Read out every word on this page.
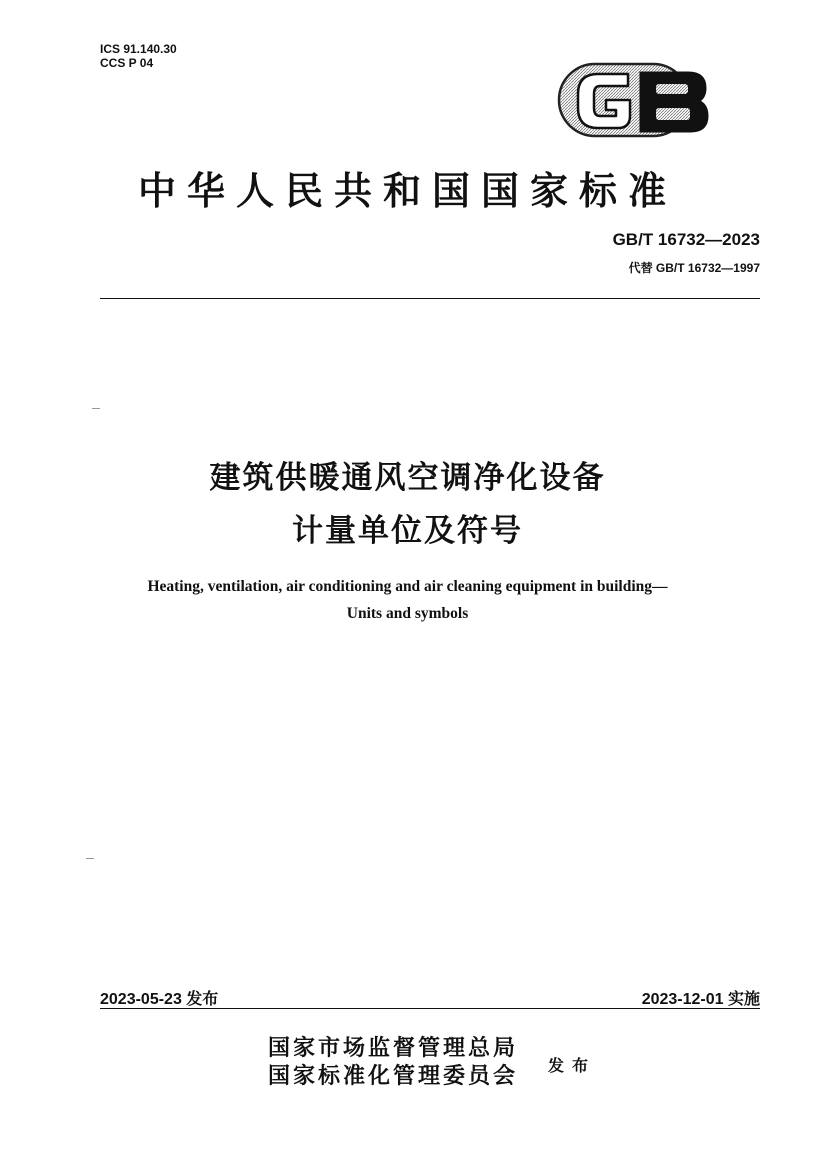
ICS 91.140.30
CCS P 04
中华人民共和国国家标准
GB/T 16732—2023
代替 GB/T 16732—1997
建筑供暖通风空调净化设备
计量单位及符号
Heating, ventilation, air conditioning and air cleaning equipment in building—
Units and symbols
2023-05-23 发布	2023-12-01 实施
国家市场监督管理总局
国家标准化管理委员会 发布
